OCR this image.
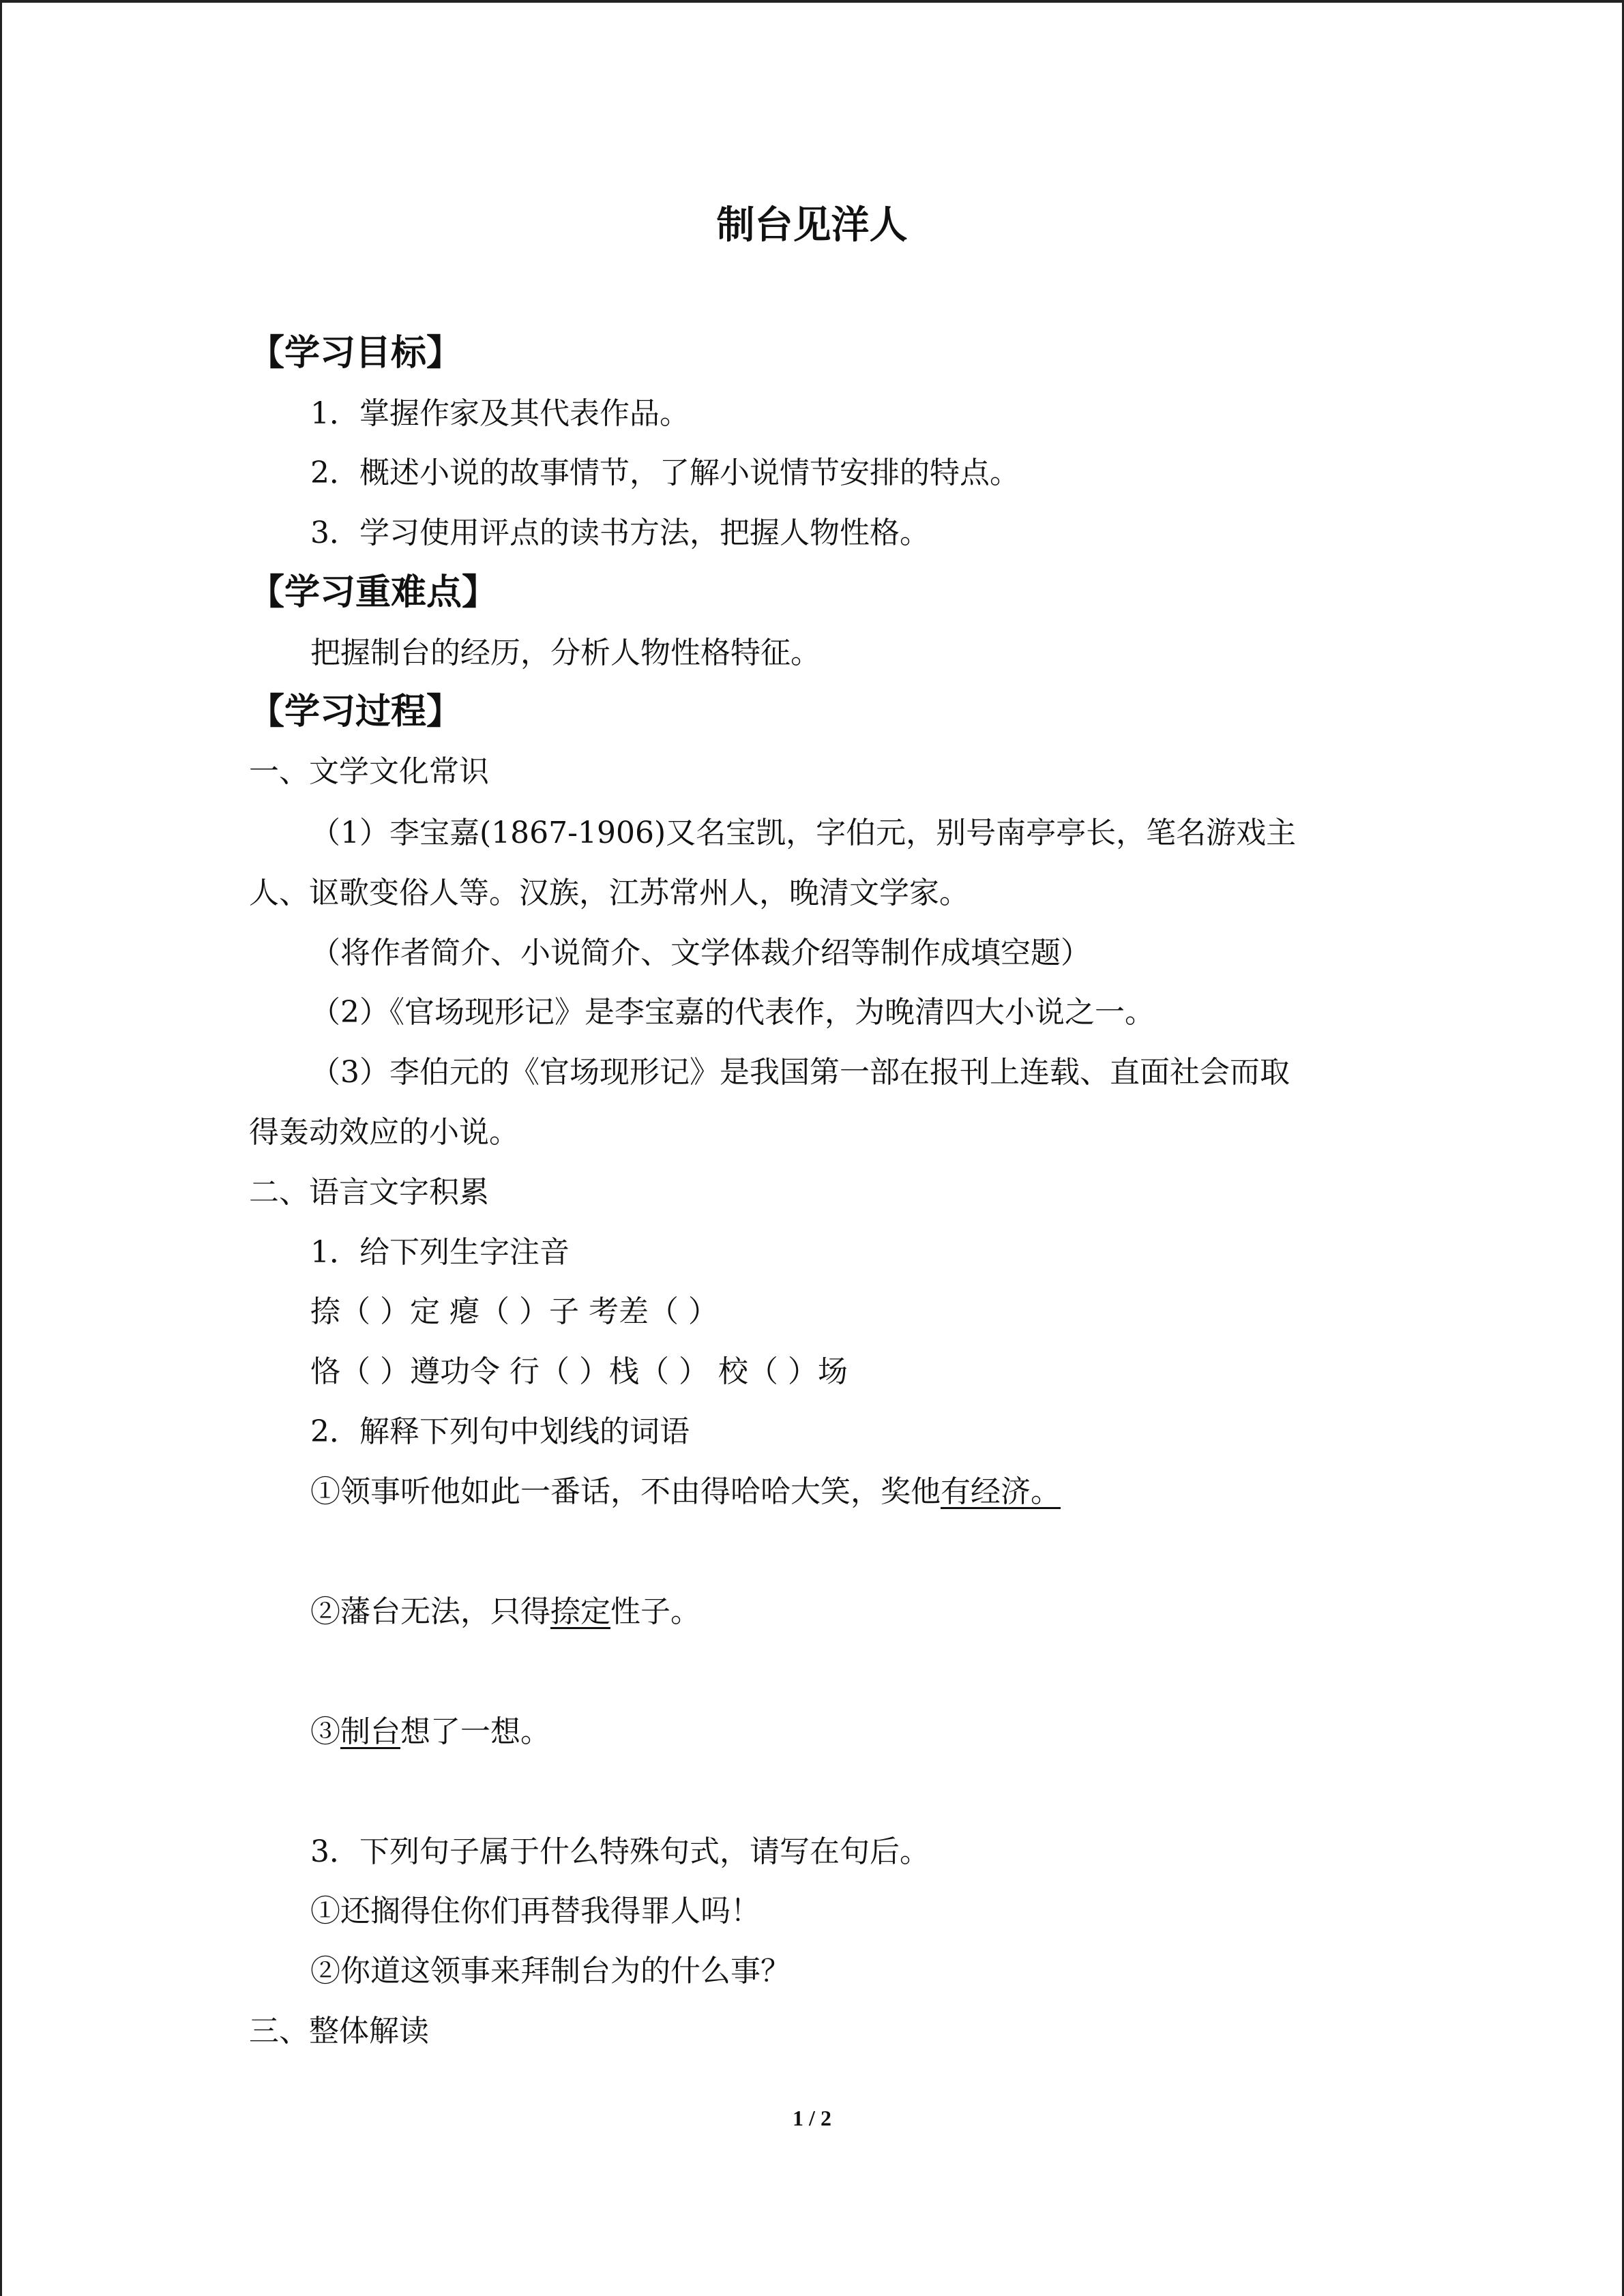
制台见洋人
【学习目标】
1．掌握作家及其代表作品。
2．概述小说的故事情节，了解小说情节安排的特点。
3．学习使用评点的读书方法，把握人物性格。
【学习重难点】
把握制台的经历，分析人物性格特征。
【学习过程】
一、文学文化常识
（1）李宝嘉(1867-1906)又名宝凯，字伯元，别号南亭亭长，笔名游戏主
人、讴歌变俗人等。汉族，江苏常州人，晚清文学家。
（将作者简介、小说简介、文学体裁介绍等制作成填空题）
（2）《官场现形记》是李宝嘉的代表作，为晚清四大小说之一。
（3）李伯元的《官场现形记》是我国第一部在报刊上连载、直面社会而取
得轰动效应的小说。
二、语言文字积累
1．给下列生字注音
捺（ ）定 瘪（ ）子 考差（ ）
恪（ ）遵功令 行（ ）栈（ ） 校（ ）场
2．解释下列句中划线的词语
①领事听他如此一番话，不由得哈哈大笑，奖他有经济。
②藩台无法，只得捺定性子。
③制台想了一想。
3．下列句子属于什么特殊句式，请写在句后。
①还搁得住你们再替我得罪人吗！
②你道这领事来拜制台为的什么事？
三、整体解读
1 / 2
